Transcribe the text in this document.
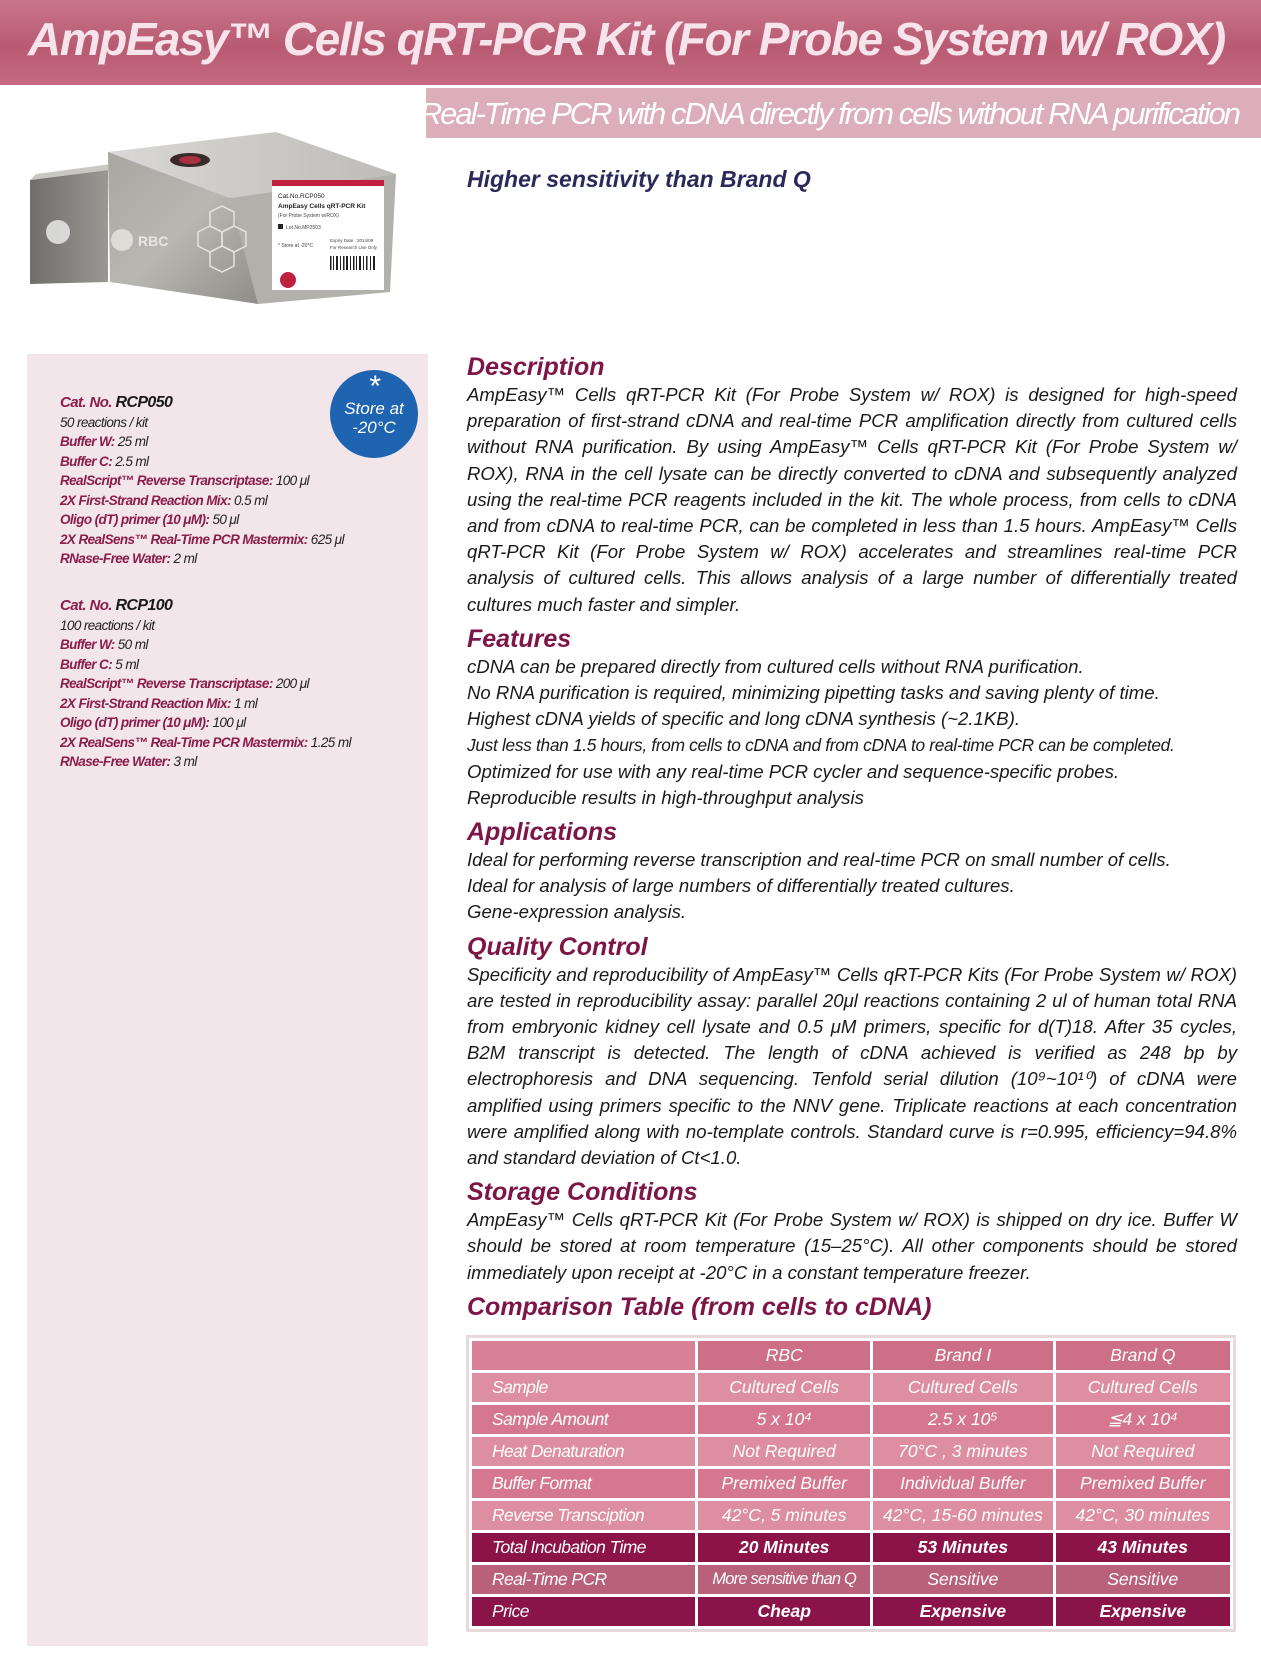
AmpEasy™ Cells qRT-PCR Kit (For Probe System w/ ROX)
Real-Time PCR with cDNA directly from cells without RNA purification
RBC
Cat.No.RCP050
AmpEasy Cells qRT-PCR Kit
(For Probe System w/ROX)
Lot.No.MP2503
* Store at -20°C
Expiry Date : 2014/09
For Research Use Only
Higher sensitivity than Brand Q
*
Store at
-20°C
Cat. No. RCP050
50 reactions / kit
Buffer W: 25 ml
Buffer C: 2.5 ml
RealScript™ Reverse Transcriptase: 100 μl
2X First-Strand Reaction Mix: 0.5 ml
Oligo (dT) primer (10 μM): 50 μl
2X RealSens™ Real-Time PCR Mastermix: 625 μl
RNase-Free Water: 2 ml
Cat. No. RCP100
100 reactions / kit
Buffer W: 50 ml
Buffer C: 5 ml
RealScript™ Reverse Transcriptase: 200 μl
2X First-Strand Reaction Mix: 1 ml
Oligo (dT) primer (10 μM): 100 μl
2X RealSens™ Real-Time PCR Mastermix: 1.25 ml
RNase-Free Water: 3 ml
Description

AmpEasy™ Cells qRT-PCR Kit (For Probe System w/ ROX) is designed for high-speed preparation of first-strand cDNA and real-time PCR amplification directly from cultured cells without RNA purification. By using AmpEasy™ Cells qRT-PCR Kit (For Probe System w/ ROX), RNA in the cell lysate can be directly converted to cDNA and subsequently analyzed using the real-time PCR reagents included in the kit. The whole process, from cells to cDNA and from cDNA to real-time PCR, can be completed in less than 1.5 hours. AmpEasy™ Cells qRT-PCR Kit (For Probe System w/ ROX) accelerates and streamlines real-time PCR analysis of cultured cells. This allows analysis of a large number of differentially treated cultures much faster and simpler.

Features

cDNA can be prepared directly from cultured cells without RNA purification.

No RNA purification is required, minimizing pipetting tasks and saving plenty of time.

Highest cDNA yields of specific and long cDNA synthesis (~2.1KB).

Just less than 1.5 hours, from cells to cDNA and from cDNA to real-time PCR can be completed.

Optimized for use with any real-time PCR cycler and sequence-specific probes.

Reproducible results in high-throughput analysis

Applications

Ideal for performing reverse transcription and real-time PCR on small number of cells.

Ideal for analysis of large numbers of differentially treated cultures.

Gene-expression analysis.

Quality Control

Specificity and reproducibility of AmpEasy™ Cells qRT-PCR Kits (For Probe System w/ ROX) are tested in reproducibility assay: parallel 20μl reactions containing 2 ul of human total RNA from embryonic kidney cell lysate and 0.5 μM primers, specific for d(T)18. After 35 cycles, B2M transcript is detected. The length of cDNA achieved is verified as 248 bp by electrophoresis and DNA sequencing. Tenfold serial dilution (10⁹~10¹⁰) of cDNA were amplified using primers specific to the NNV gene. Triplicate reactions at each concentration were amplified along with no-template controls. Standard curve is r=0.995, efficiency=94.8% and standard deviation of Ct<1.0.

Storage Conditions

AmpEasy™ Cells qRT-PCR Kit (For Probe System w/ ROX) is shipped on dry ice. Buffer W should be stored at room temperature (15–25°C). All other components should be stored immediately upon receipt at -20°C in a constant temperature freezer.

Comparison Table (from cells to cDNA)
	RBC	Brand I	Brand Q
Sample	Cultured Cells	Cultured Cells	Cultured Cells
Sample Amount	5 x 10⁴	2.5 x 10⁵	≦4 x 10⁴
Heat Denaturation	Not Required	70°C , 3 minutes	Not Required
Buffer Format	Premixed Buffer	Individual Buffer	Premixed Buffer
Reverse Transciption	42°C, 5 minutes	42°C, 15-60 minutes	42°C, 30 minutes
Total Incubation Time	20 Minutes	53 Minutes	43 Minutes
Real-Time PCR	More sensitive than Q	Sensitive	Sensitive
Price	Cheap	Expensive	Expensive
